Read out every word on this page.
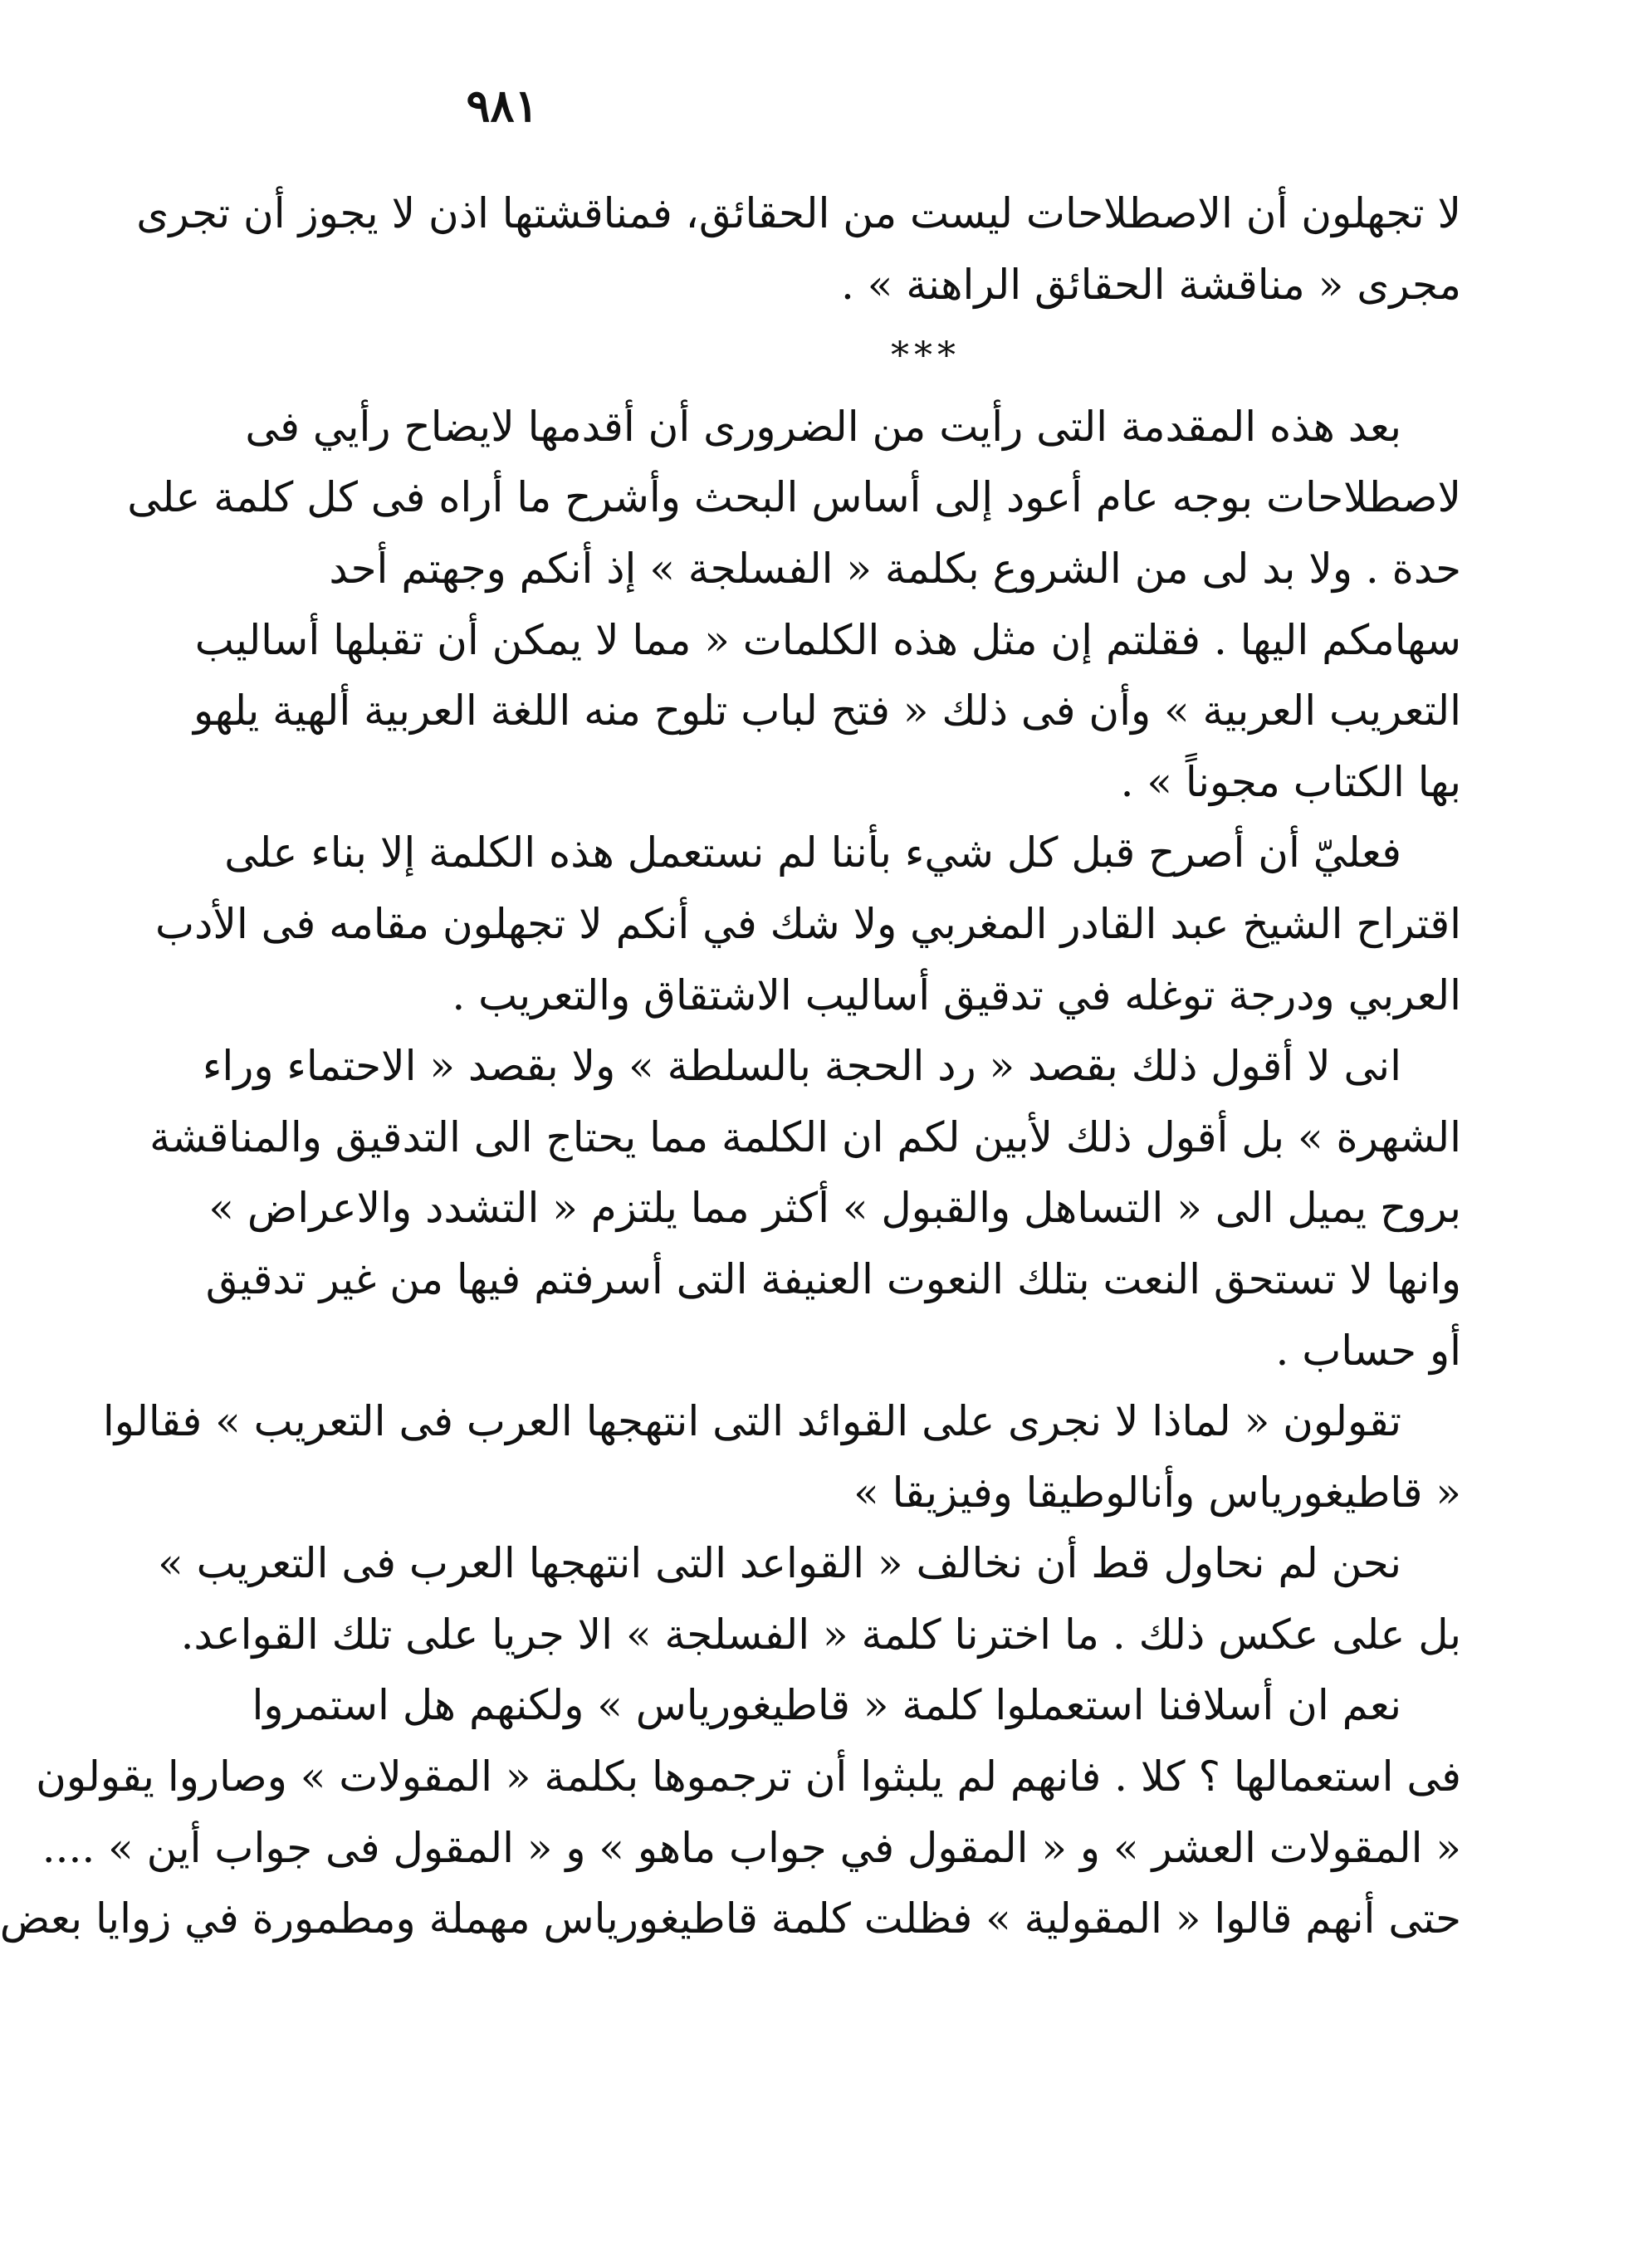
٩٨١
لا تجهلون أن الاصطلاحات ليست من الحقائق، فمناقشتها اذن لا يجوز أن تجرى
مجرى « مناقشة الحقائق الراهنة » .
***
بعد هذه المقدمة التى رأيت من الضرورى أن أقدمها لايضاح رأيي فى
لاصطلاحات بوجه عام أعود إلى أساس البحث وأشرح ما أراه فى كل كلمة على
حدة . ولا بد لى من الشروع بكلمة « الفسلجة » إذ أنكم وجهتم أحد
سهامكم اليها . فقلتم إن مثل هذه الكلمات « مما لا يمكن أن تقبلها أساليب
التعريب العربية » وأن فى ذلك « فتح لباب تلوح منه اللغة العربية ألهية يلهو
بها الكتاب مجوناً » .
فعليّ أن أصرح قبل كل شيء بأننا لم نستعمل هذه الكلمة إلا بناء على
اقتراح الشيخ عبد القادر المغربي ولا شك في أنكم لا تجهلون مقامه فى الأدب
العربي ودرجة توغله في تدقيق أساليب الاشتقاق والتعريب .
انى لا أقول ذلك بقصد « رد الحجة بالسلطة » ولا بقصد « الاحتماء وراء
الشهرة » بل أقول ذلك لأبين لكم ان الكلمة مما يحتاج الى التدقيق والمناقشة
بروح يميل الى « التساهل والقبول » أكثر مما يلتزم « التشدد والاعراض »
وانها لا تستحق النعت بتلك النعوت العنيفة التى أسرفتم فيها من غير تدقيق
أو حساب .
تقولون « لماذا لا نجرى على القوائد التى انتهجها العرب فى التعريب » فقالوا
« قاطيغورياس وأنالوطيقا وفيزيقا »
نحن لم نحاول قط أن نخالف « القواعد التى انتهجها العرب فى التعريب »
بل على عكس ذلك . ما اخترنا كلمة « الفسلجة » الا جريا على تلك القواعد.
نعم ان أسلافنا استعملوا كلمة « قاطيغورياس » ولكنهم هل استمروا
فى استعمالها ؟ كلا . فانهم لم يلبثوا أن ترجموها بكلمة « المقولات » وصاروا يقولون
« المقولات العشر » و « المقول في جواب ماهو » و « المقول فى جواب أين » ....
حتى أنهم قالوا « المقولية » فظلت كلمة قاطيغورياس مهملة ومطمورة في زوايا بعض
